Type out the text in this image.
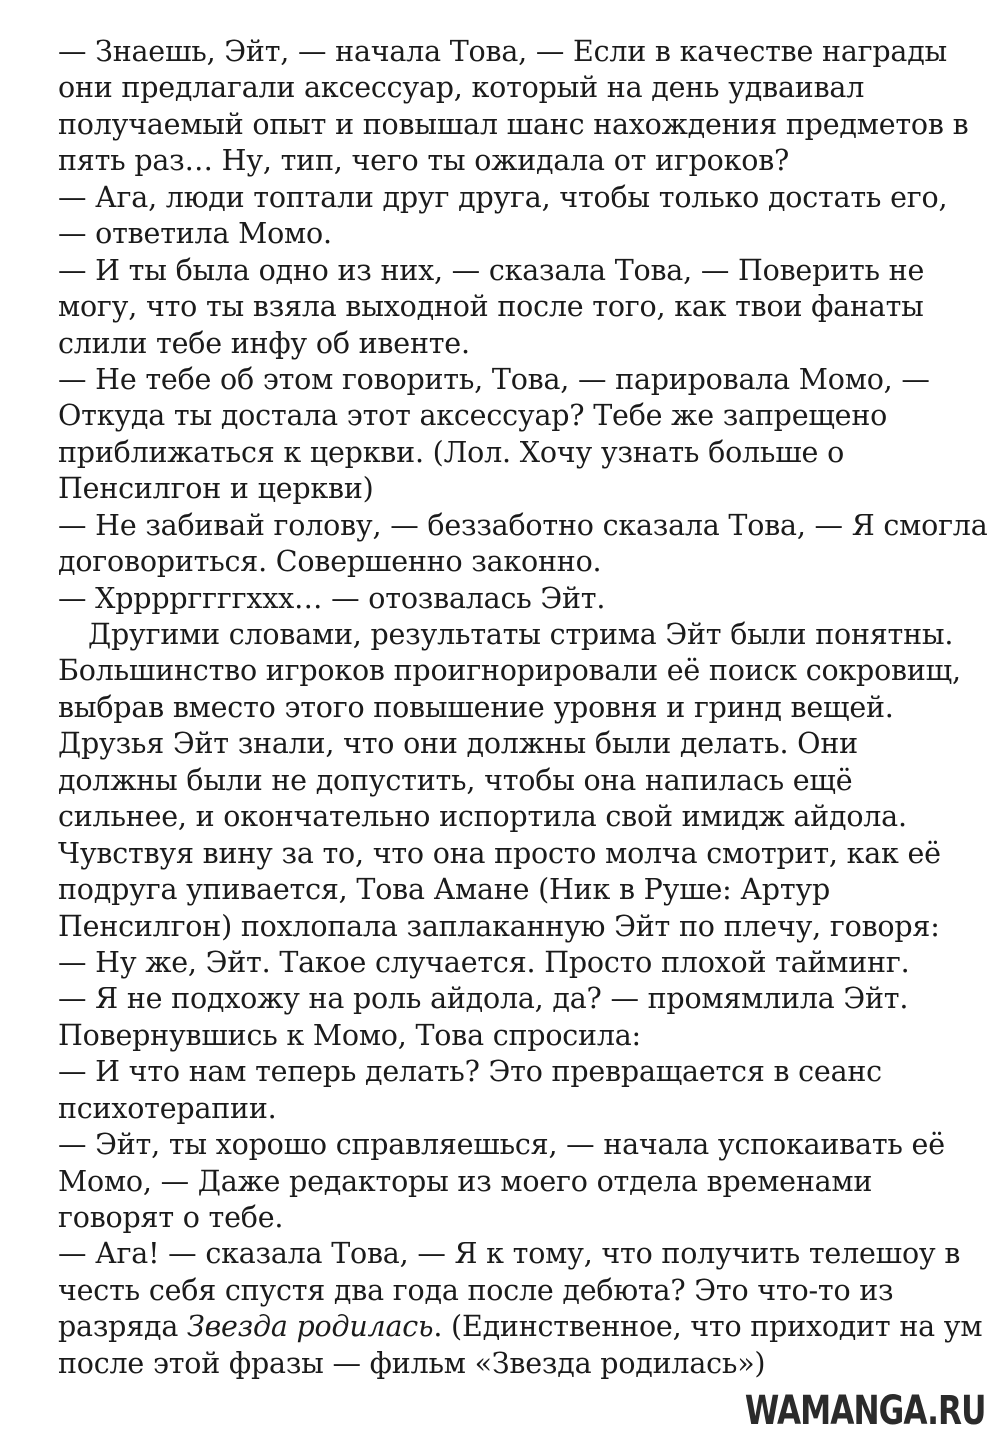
— Знаешь, Эйт, — начала Това, — Если в качестве награды
они предлагали аксессуар, который на день удваивал
получаемый опыт и повышал шанс нахождения предметов в
пять раз… Ну, тип, чего ты ожидала от игроков?
— Ага, люди топтали друг друга, чтобы только достать его,
— ответила Момо.
— И ты была одно из них, — сказала Това, — Поверить не
могу, что ты взяла выходной после того, как твои фанаты
слили тебе инфу об ивенте.
— Не тебе об этом говорить, Това, — парировала Момо, —
Откуда ты достала этот аксессуар? Тебе же запрещено
приближаться к церкви. (Лол. Хочу узнать больше о
Пенсилгон и церкви)
— Не забивай голову, — беззаботно сказала Това, — Я смогла
договориться. Совершенно законно.
— Хррррггггххх… — отозвалась Эйт.
Другими словами, результаты стрима Эйт были понятны.
Большинство игроков проигнорировали её поиск сокровищ,
выбрав вместо этого повышение уровня и гринд вещей.
Друзья Эйт знали, что они должны были делать. Они
должны были не допустить, чтобы она напилась ещё
сильнее, и окончательно испортила свой имидж айдола.
Чувствуя вину за то, что она просто молча смотрит, как её
подруга упивается, Това Амане (Ник в Руше: Артур
Пенсилгон) похлопала заплаканную Эйт по плечу, говоря:
— Ну же, Эйт. Такое случается. Просто плохой тайминг.
— Я не подхожу на роль айдола, да? — промямлила Эйт.
Повернувшись к Момо, Това спросила:
— И что нам теперь делать? Это превращается в сеанс
психотерапии.
— Эйт, ты хорошо справляешься, — начала успокаивать её
Момо, — Даже редакторы из моего отдела временами
говорят о тебе.
— Ага! — сказала Това, — Я к тому, что получить телешоу в
честь себя спустя два года после дебюта? Это что-то из
разряда Звезда родилась. (Единственное, что приходит на ум
после этой фразы — фильм «Звезда родилась»)
WAMANGA.RU
